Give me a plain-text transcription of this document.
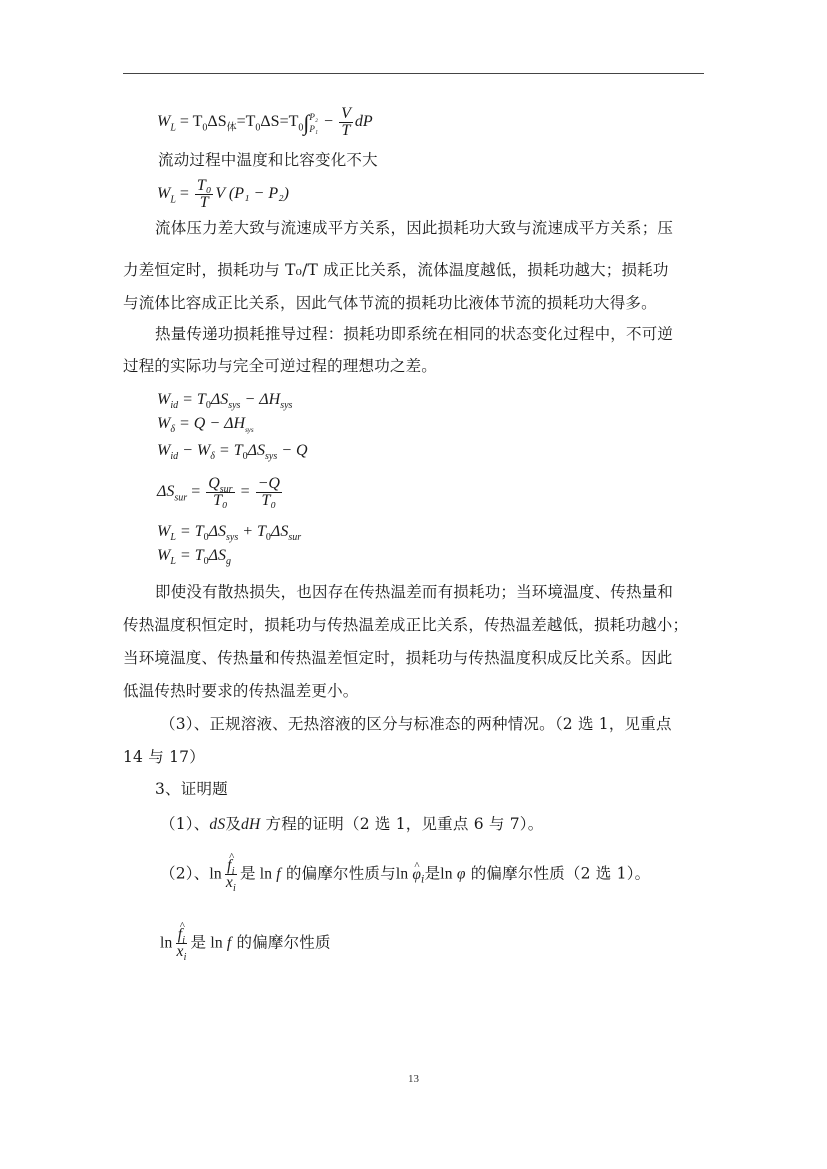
$W_L = T_0\Delta S_体=T_0\Delta S=T_0\int$ P₂
$P_1 - \frac{V}{T}$ dP
流动过程中温度和比容变化不大
$W_L = \frac{\text{T₀}}{T}$ V (P₁ − P₂)
流体压力差大致与流速成平方关系，因此损耗功大致与流速成平方关系；压
力差恒定时，损耗功与 T₀/T 成正比关系，流体温度越低，损耗功越大；损耗功
与流体比容成正比关系，因此气体节流的损耗功比液体节流的损耗功大得多。
热量传递功损耗推导过程：损耗功即系统在相同的状态变化过程中，不可逆
过程的实际功与完全可逆过程的理想功之差。
$W_{id} = T_0\Delta S_{sys} - \Delta H_{sys}$
$W_\delta = Q - \Delta H_{sys}$
$W_{id} - W_\delta = T_0\Delta S_{sys} - Q$
$\Delta S_{sur} = \frac{Q_{sur}}{\text{T₀}} = \frac{-Q}{\text{T₀}}$
$W_L = T_0\Delta S_{sys} + T_0\Delta S_{sur}$
$W_L = T_0\Delta S_g$
即使没有散热损失，也因存在传热温差而有损耗功；当环境温度、传热量和
传热温度积恒定时，损耗功与传热温差成正比关系，传热温差越低，损耗功越小；
当环境温度、传热量和传热温差恒定时，损耗功与传热温度积成反比关系。因此
低温传热时要求的传热温差更小。
（3）、正规溶液、无热溶液的区分与标准态的两种情况。（2 选 1，见重点
14 与 17）
3、证明题
（1）、dS及dH 方程的证明（2 选 1，见重点 6 与 7）。
（2）、ln ^ $\frac{f_i}{x_i}$ 是 ln f 的偏摩尔性质与ln ^ $\varphi_i$是ln φ 的偏摩尔性质（2 选 1）。
ln ^ $\frac{f_i}{x_i}$ 是 ln f 的偏摩尔性质
13
